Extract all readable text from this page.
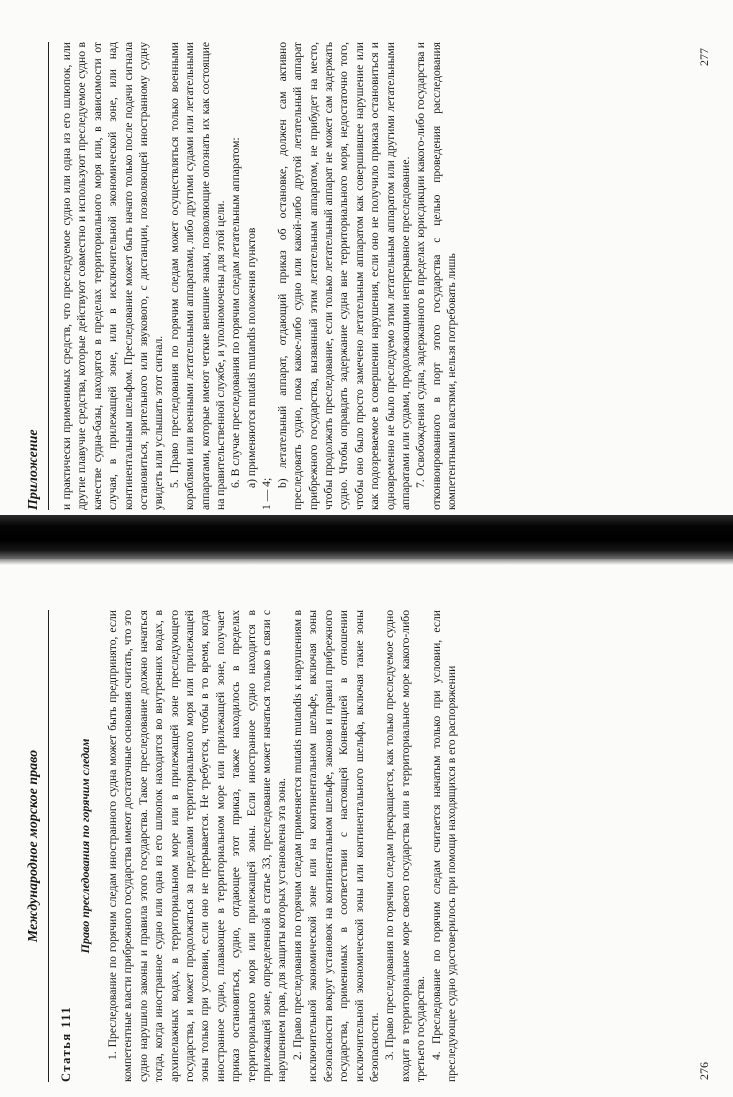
Международное морское право
Статья 111
Право преследования по горячим следам 1. Преследование по горячим следам иностранного судна может быть предпринято, если компетентные власти прибрежного государства имеют достаточные основания считать, что это судно нарушило законы и правила этого государства. Такое преследование должно начаться тогда, когда иностранное судно или одна из его шлюпок находится во внутренних водах, в архипелажных водах, в территориальном море или в прилежащей зоне преследующего государства, и может продолжаться за пределами территориального моря или прилежащей зоны только при условии, если оно не прерывается. Не требуется, чтобы в то время, когда иностранное судно, плавающее в территориальном море или прилежащей зоне, получает приказ остановиться, судно, отдающее этот приказ, также находилось в пределах территориального моря или прилежащей зоны. Если иностранное судно находится в прилежащей зоне, определенной в статье 33, преследование может начаться только в связи с нарушением прав, для защиты которых установлена эта зона. 2. Право преследования по горячим следам применяется mutatis mutandis к нарушениям в исключительной экономической зоне или на континентальном шельфе, включая зоны безопасности вокруг установок на континентальном шельфе, законов и правил прибрежного государства, применимых в соответствии с настоящей Конвенцией в отношении исключительной экономической зоны или континентального шельфа, включая такие зоны безопасности. 3. Право преследования по горячим следам прекращается, как только преследуемое судно входит в территориальное море своего государства или в территориальное море какого-либо третьего государства. 4. Преследование по горячим следам считается начатым только при условии, если преследующее судно удостоверилось при помощи находящихся в его распоряжении	276
Приложение и практически применимых средств, что преследуемое судно или одна из его шлюпок, или другие плавучие средства, которые действуют совместно и используют преследуемое судно в качестве судна-базы, находятся в пределах территориального моря или, в зависимости от случая, в прилежащей зоне, или в исключительной экономической зоне, или над континентальным шельфом. Преследование может быть начато только после подачи сигнала остановиться, зрительного или звукового, с дистанции, позволяющей иностранному судну увидеть или услышать этот сигнал. 5. Право преследования по горячим следам может осуществляться только военными кораблями или военными летательными аппаратами, либо другими судами или летательными аппаратами, которые имеют четкие внешние знаки, позволяющие опознать их как состоящие на правительственной службе, и уполномочены для этой цели. 6. В случае преследования по горячим следам летательным аппаратом: a) применяются mutatis mutandis положения пунктов

1 — 4;

b) летательный аппарат, отдающий приказ об остановке, должен сам активно преследовать судно, пока какое-либо судно или какой-либо другой летательный аппарат прибрежного государства, вызванный этим летательным аппаратом, не прибудет на место, чтобы продолжать преследование, если только летательный аппарат не может сам задержать судно. Чтобы оправдать задержание судна вне территориального моря, недостаточно того, чтобы оно было просто замечено летательным аппаратом как совершившее нарушение или как подозреваемое в совершении нарушения, если оно не получило приказа остановиться и одновременно не было преследуемо этим летательным аппаратом или другими летательными аппаратами или судами, продолжающими непрерывное преследование. 7. Освобождения судна, задержанного в пределах юрисдикции какого-либо государства и отконвоированного в порт этого государства с целью проведения расследования компетентными властями, нельзя потребовать лишь

277
